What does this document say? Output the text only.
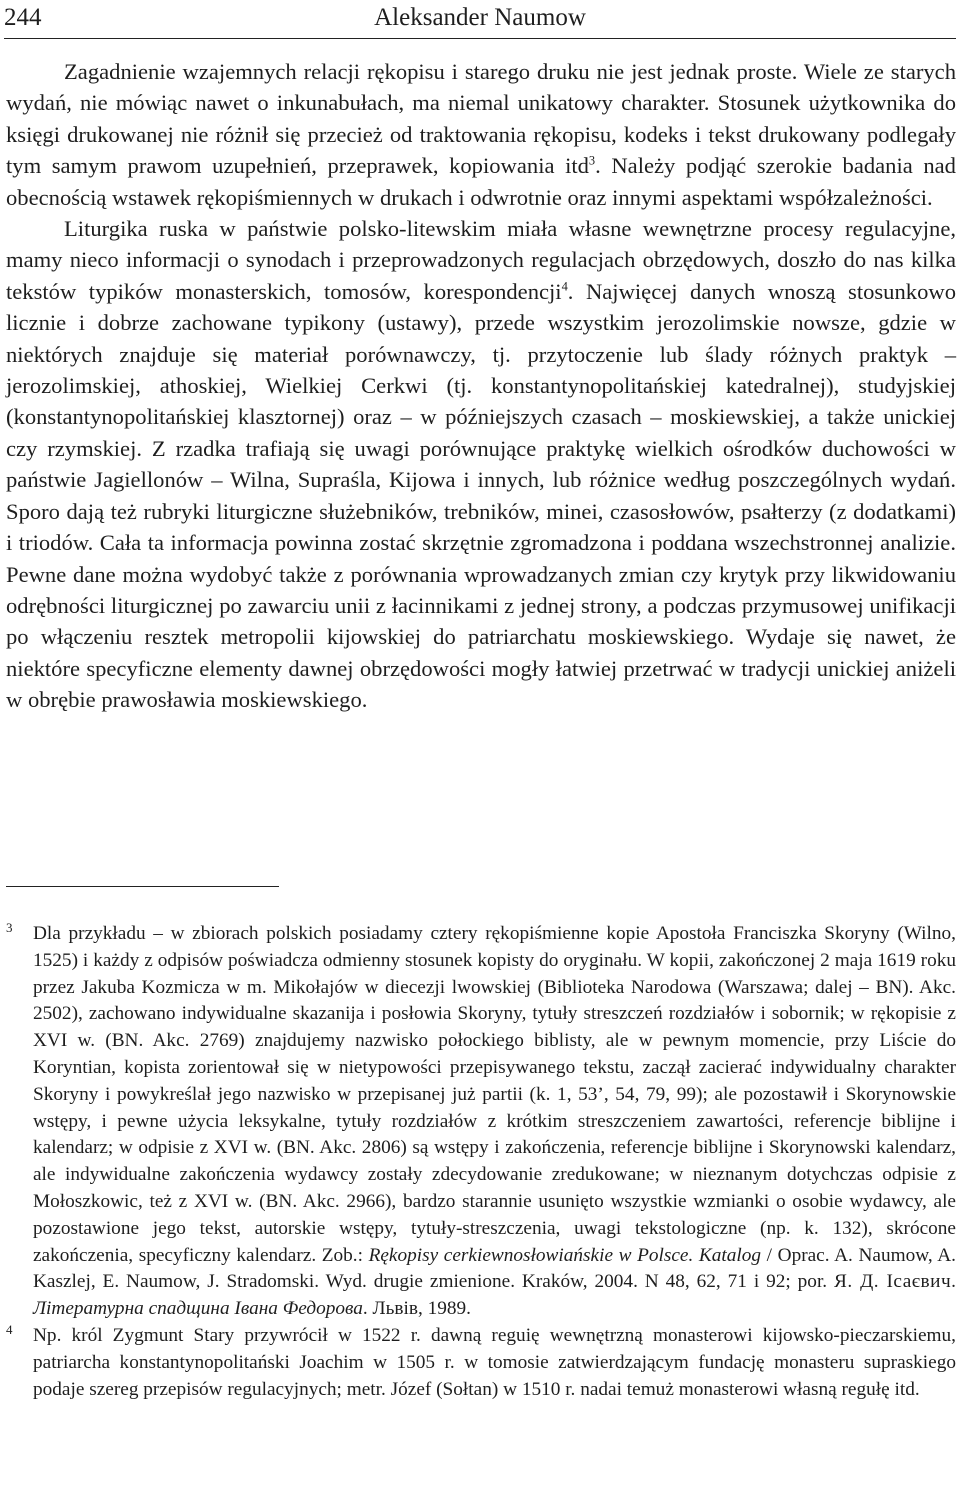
244	Aleksander Naumow

Zagadnienie wzajemnych relacji rękopisu i starego druku nie jest jednak proste. Wiele ze starych wydań, nie mówiąc nawet o inkunabułach, ma niemal unikatowy charakter. Stosunek użytkownika do księgi drukowanej nie różnił się przecież od traktowania rękopisu, kodeks i tekst drukowany podlegały tym samym prawom uzupełnień, przeprawek, kopiowania itd$^3$. Należy podjąć szerokie badania nad obecnością wstawek rękopiśmiennych w drukach i odwrotnie oraz innymi aspektami współzależności.

Liturgika ruska w państwie polsko-litewskim miała własne wewnętrzne procesy regulacyjne, mamy nieco informacji o synodach i przeprowadzonych regulacjach obrzędowych, doszło do nas kilka tekstów typików monasterskich, tomosów, korespondencji$^4$. Najwięcej danych wnoszą stosunkowo licznie i dobrze zachowane typikony (ustawy), przede wszystkim jerozolimskie nowsze, gdzie w niektórych znajduje się materiał porównawczy, tj. przytoczenie lub ślady różnych praktyk – jerozolimskiej, athoskiej, Wielkiej Cerkwi (tj. konstantynopolitańskiej katedralnej), studyjskiej (konstantynopolitańskiej klasztornej) oraz – w późniejszych czasach – moskiewskiej, a także unickiej czy rzymskiej. Z rzadka trafiają się uwagi porównujące praktykę wielkich ośrodków duchowości w państwie Jagiellonów – Wilna, Supraśla, Kijowa i innych, lub różnice według poszczególnych wydań. Sporo dają też rubryki liturgiczne służebników, trebników, minei, czasosłowów, psałterzy (z dodatkami) i triodów. Cała ta informacja powinna zostać skrzętnie zgromadzona i poddana wszechstronnej analizie. Pewne dane można wydobyć także z porównania wprowadzanych zmian czy krytyk przy likwidowaniu odrębności liturgicznej po zawarciu unii z łacinnikami z jednej strony, a podczas przymusowej unifikacji po włączeniu resztek metropolii kijowskiej do patriarchatu moskiewskiego. Wydaje się nawet, że niektóre specyficzne elementy dawnej obrzędowości mogły łatwiej przetrwać w tradycji unickiej aniżeli w obrębie prawosławia moskiewskiego.

3 Dla przykładu – w zbiorach polskich posiadamy cztery rękopiśmienne kopie Apostoła Franciszka Skoryny (Wilno, 1525) i każdy z odpisów poświadcza odmienny stosunek kopisty do oryginału. W kopii, zakończonej 2 maja 1619 roku przez Jakuba Kozmicza w m. Mikołajów w diecezji lwowskiej (Biblioteka Narodowa (Warszawa; dalej – BN). Akc. 2502), zachowano indywidualne skazanija i posłowia Skoryny, tytuły streszczeń rozdziałów i sobornik; w rękopisie z XVI w. (BN. Akc. 2769) znajdujemy nazwisko połockiego biblisty, ale w pewnym momencie, przy Liście do Koryntian, kopista zorientował się w nietypowości przepisywanego tekstu, zaczął zacierać indywidualny charakter Skoryny i powykreślał jego nazwisko w przepisanej już partii (k. 1, 53’, 54, 79, 99); ale pozostawił i Skorynowskie wstępy, i pewne użycia leksykalne, tytuły rozdziałów z krótkim streszczeniem zawartości, referencje biblijne i kalendarz; w odpisie z XVI w. (BN. Akc. 2806) są wstępy i zakończenia, referencje biblijne i Skorynowski kalendarz, ale indywidualne zakończenia wydawcy zostały zdecydowanie zredukowane; w nieznanym dotychczas odpisie z Mołoszkowic, też z XVI w. (BN. Akc. 2966), bardzo starannie usunięto wszystkie wzmianki o osobie wydawcy, ale pozostawione jego tekst, autorskie wstępy, tytuły-streszczenia, uwagi tekstologiczne (np. k. 132), skrócone zakończenia, specyficzny kalendarz. Zob.: Rękopisy cerkiewnosłowiańskie w Polsce. Katalog / Oprac. A. Naumow, A. Kaszlej, E. Naumow, J. Stradomski. Wyd. drugie zmienione. Kraków, 2004. N 48, 62, 71 i 92; por. Я. Д. Ісаєвич. Літературна спадщина Івана Федорова. Львів, 1989.
4 Np. król Zygmunt Stary przywrócił w 1522 r. dawną reguię wewnętrzną monasterowi kijowsko-pieczarskiemu, patriarcha konstantynopolitański Joachim w 1505 r. w tomosie zatwierdzającym fundację monasteru supraskiego podaje szereg przepisów regulacyjnych; metr. Józef (Sołtan) w 1510 r. nadai temuż monasterowi własną regułę itd.
